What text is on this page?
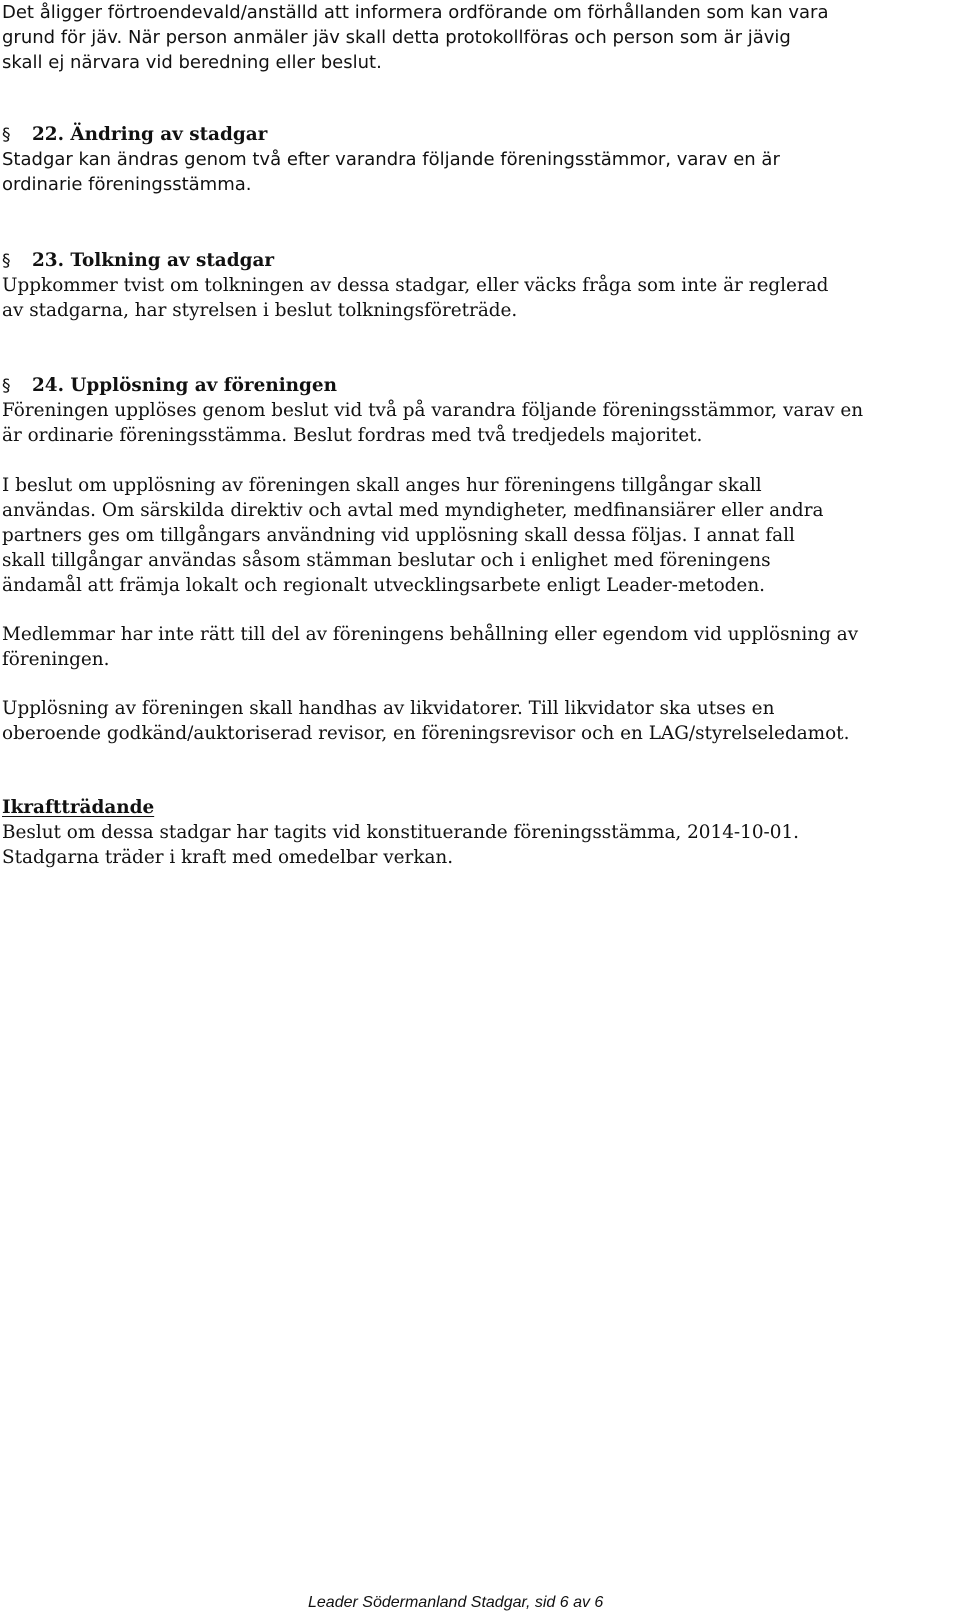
Det åligger förtroendevald/anställd att informera ordförande om förhållanden som kan vara
grund för jäv. När person anmäler jäv skall detta protokollföras och person som är jävig
skall ej närvara vid beredning eller beslut.
§ 22. Ändring av stadgar
Stadgar kan ändras genom två efter varandra följande föreningsstämmor, varav en är
ordinarie föreningsstämma.
§ 23. Tolkning av stadgar
Uppkommer tvist om tolkningen av dessa stadgar, eller väcks fråga som inte är reglerad
av stadgarna, har styrelsen i beslut tolkningsföreträde.
§ 24. Upplösning av föreningen
Föreningen upplöses genom beslut vid två på varandra följande föreningsstämmor, varav en
är ordinarie föreningsstämma. Beslut fordras med två tredjedels majoritet.
I beslut om upplösning av föreningen skall anges hur föreningens tillgångar skall
användas. Om särskilda direktiv och avtal med myndigheter, medfinansiärer eller andra
partners ges om tillgångars användning vid upplösning skall dessa följas. I annat fall
skall tillgångar användas såsom stämman beslutar och i enlighet med föreningens
ändamål att främja lokalt och regionalt utvecklingsarbete enligt Leader-metoden.
Medlemmar har inte rätt till del av föreningens behållning eller egendom vid upplösning av
föreningen.
Upplösning av föreningen skall handhas av likvidatorer. Till likvidator ska utses en
oberoende godkänd/auktoriserad revisor, en föreningsrevisor och en LAG/styrelseledamot.
Ikraftträdande
Beslut om dessa stadgar har tagits vid konstituerande föreningsstämma, 2014-10-01.
Stadgarna träder i kraft med omedelbar verkan.
Leader Södermanland Stadgar, sid 6 av 6
